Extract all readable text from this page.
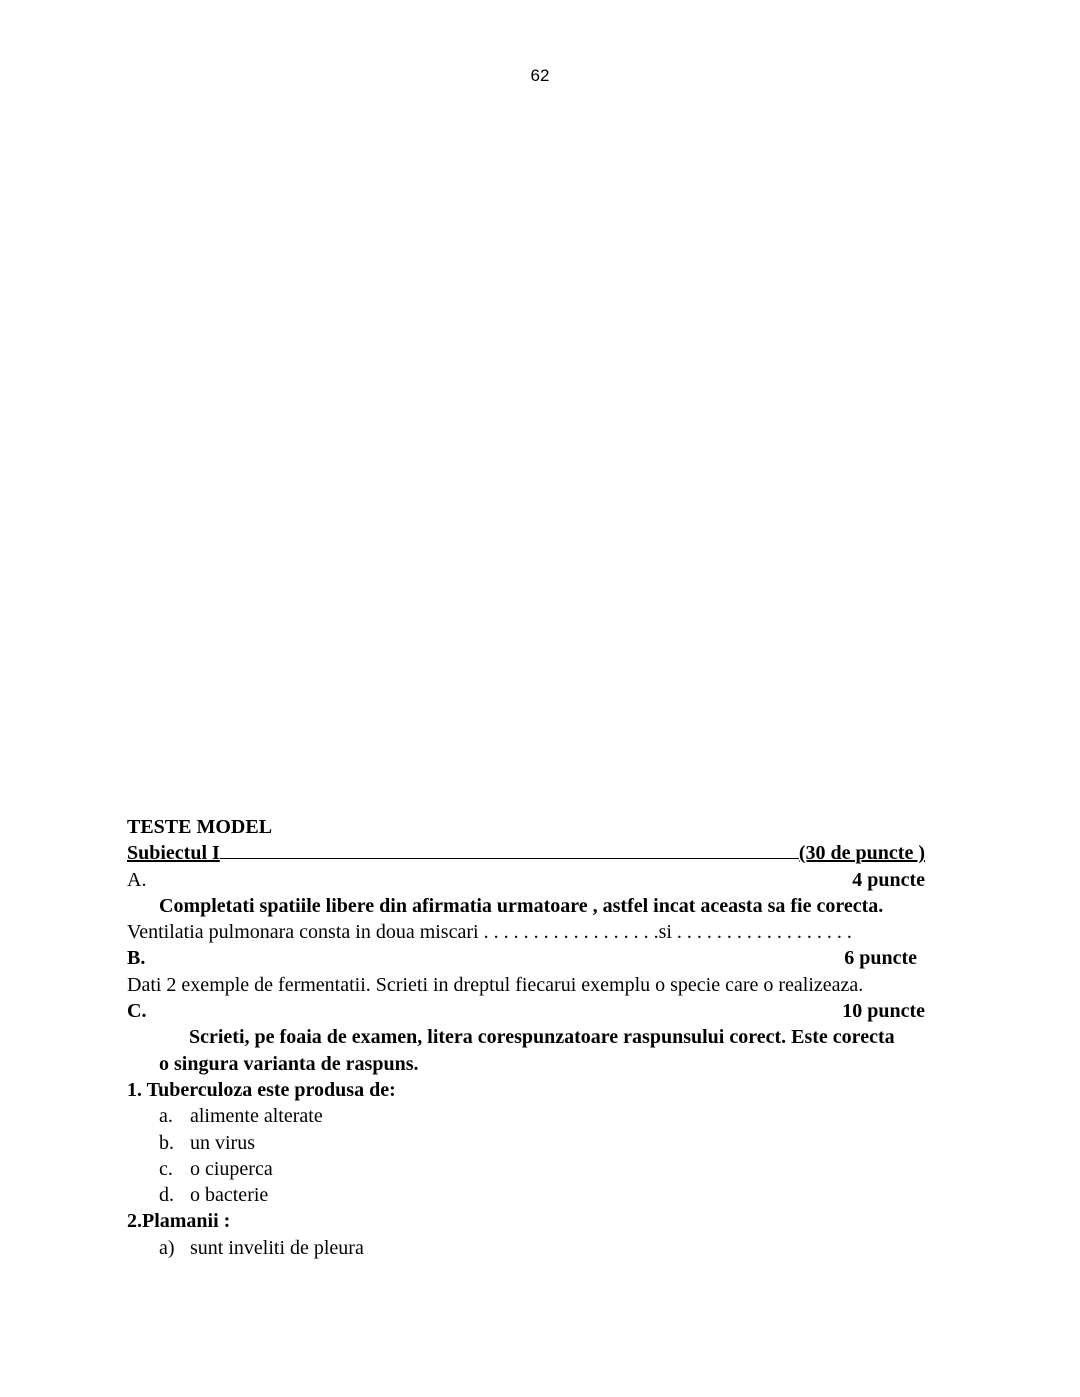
62
TESTE MODEL
Subiectul I	(30 de puncte )
A.	4 puncte
Completati spatiile libere din afirmatia urmatoare , astfel incat aceasta sa fie corecta.
Ventilatia pulmonara consta in doua miscari . . . . . . . . . . . . . . . . . .si . . . . . . . . . . . . . . . . . .
B.	6 puncte
Dati 2 exemple de fermentatii. Scrieti in dreptul fiecarui exemplu o specie care o realizeaza.
C.	10 puncte
Scrieti, pe foaia de examen, litera corespunzatoare raspunsului corect. Este corecta
o singura varianta de raspuns.
1. Tuberculoza este produsa de:
a. alimente alterate
b. un virus
c. o ciuperca
d. o bacterie
2.Plamanii :
a) sunt inveliti de pleura
